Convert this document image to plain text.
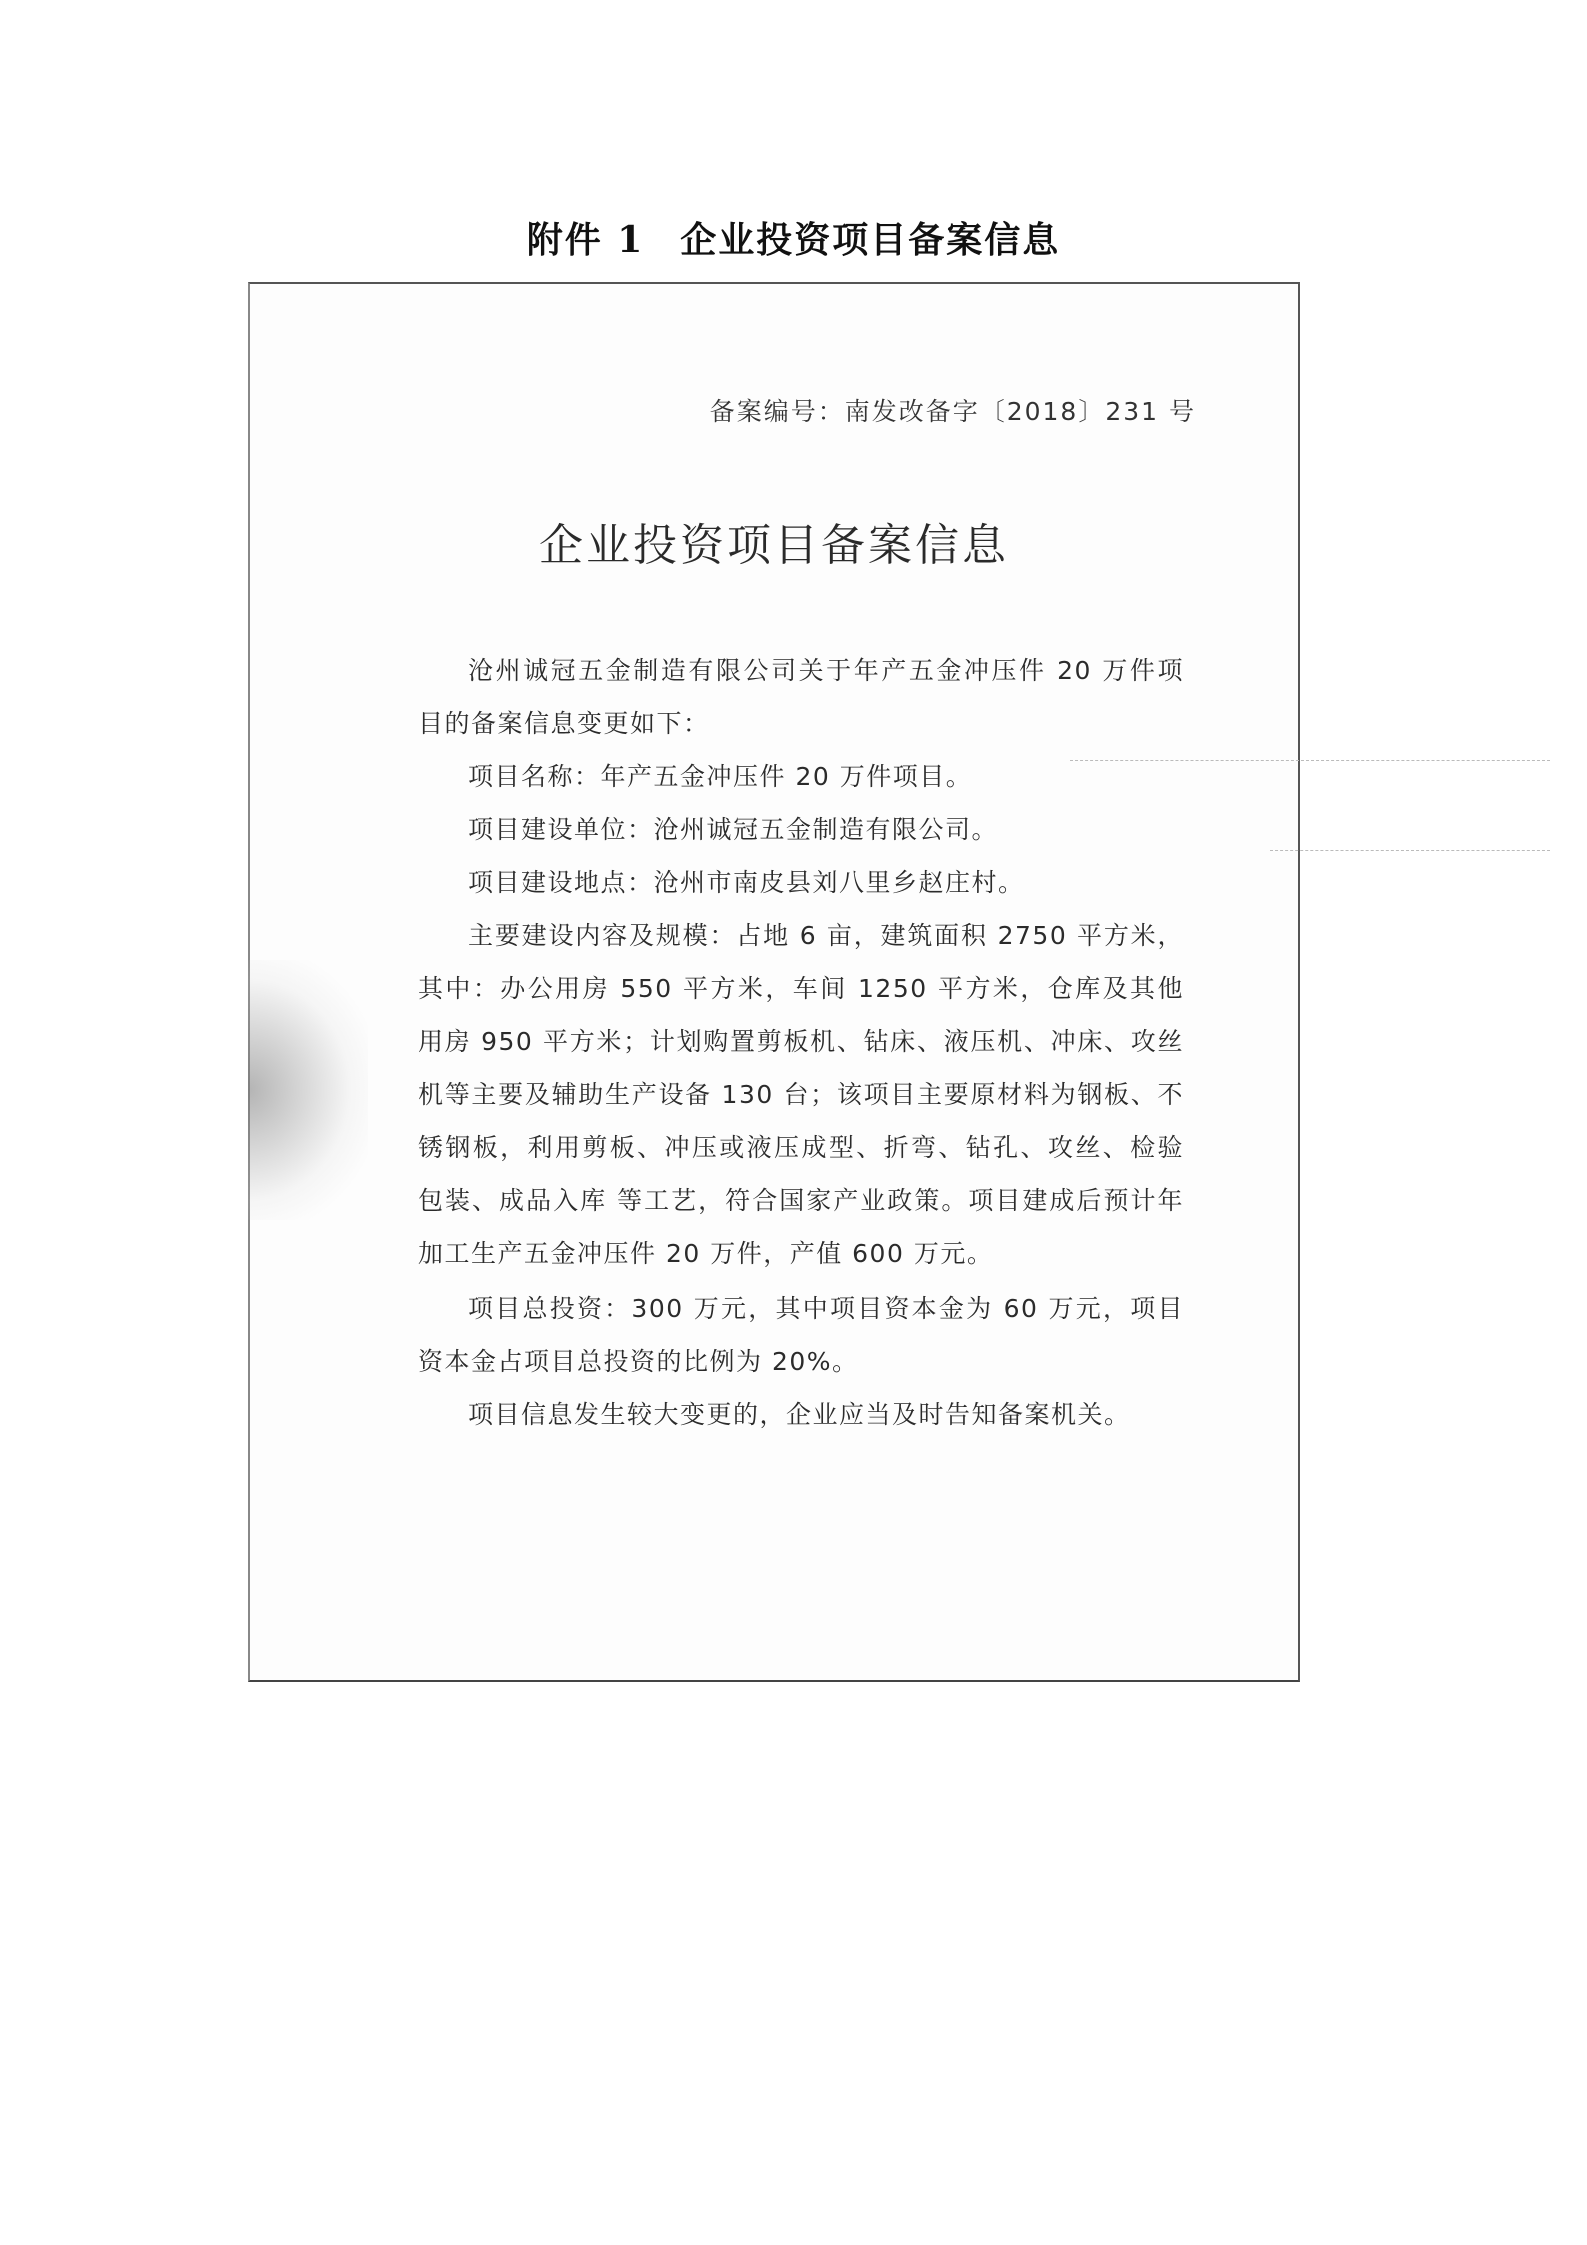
附件 1 企业投资项目备案信息
备案编号：南发改备字〔2018〕231 号
企业投资项目备案信息

沧州诚冠五金制造有限公司关于年产五金冲压件 20 万件项目的备案信息变更如下：

项目名称：年产五金冲压件 20 万件项目。

项目建设单位：沧州诚冠五金制造有限公司。

项目建设地点：沧州市南皮县刘八里乡赵庄村。

主要建设内容及规模：占地 6 亩，建筑面积 2750 平方米，其中：办公用房 550 平方米，车间 1250 平方米，仓库及其他用房 950 平方米；计划购置剪板机、钻床、液压机、冲床、攻丝机等主要及辅助生产设备 130 台；该项目主要原材料为钢板、不锈钢板，利用剪板、冲压或液压成型、折弯、钻孔、攻丝、检验包装、成品入库 等工艺，符合国家产业政策。项目建成后预计年加工生产五金冲压件 20 万件，产值 600 万元。

项目总投资：300 万元，其中项目资本金为 60 万元，项目资本金占项目总投资的比例为 20%。

项目信息发生较大变更的，企业应当及时告知备案机关。
